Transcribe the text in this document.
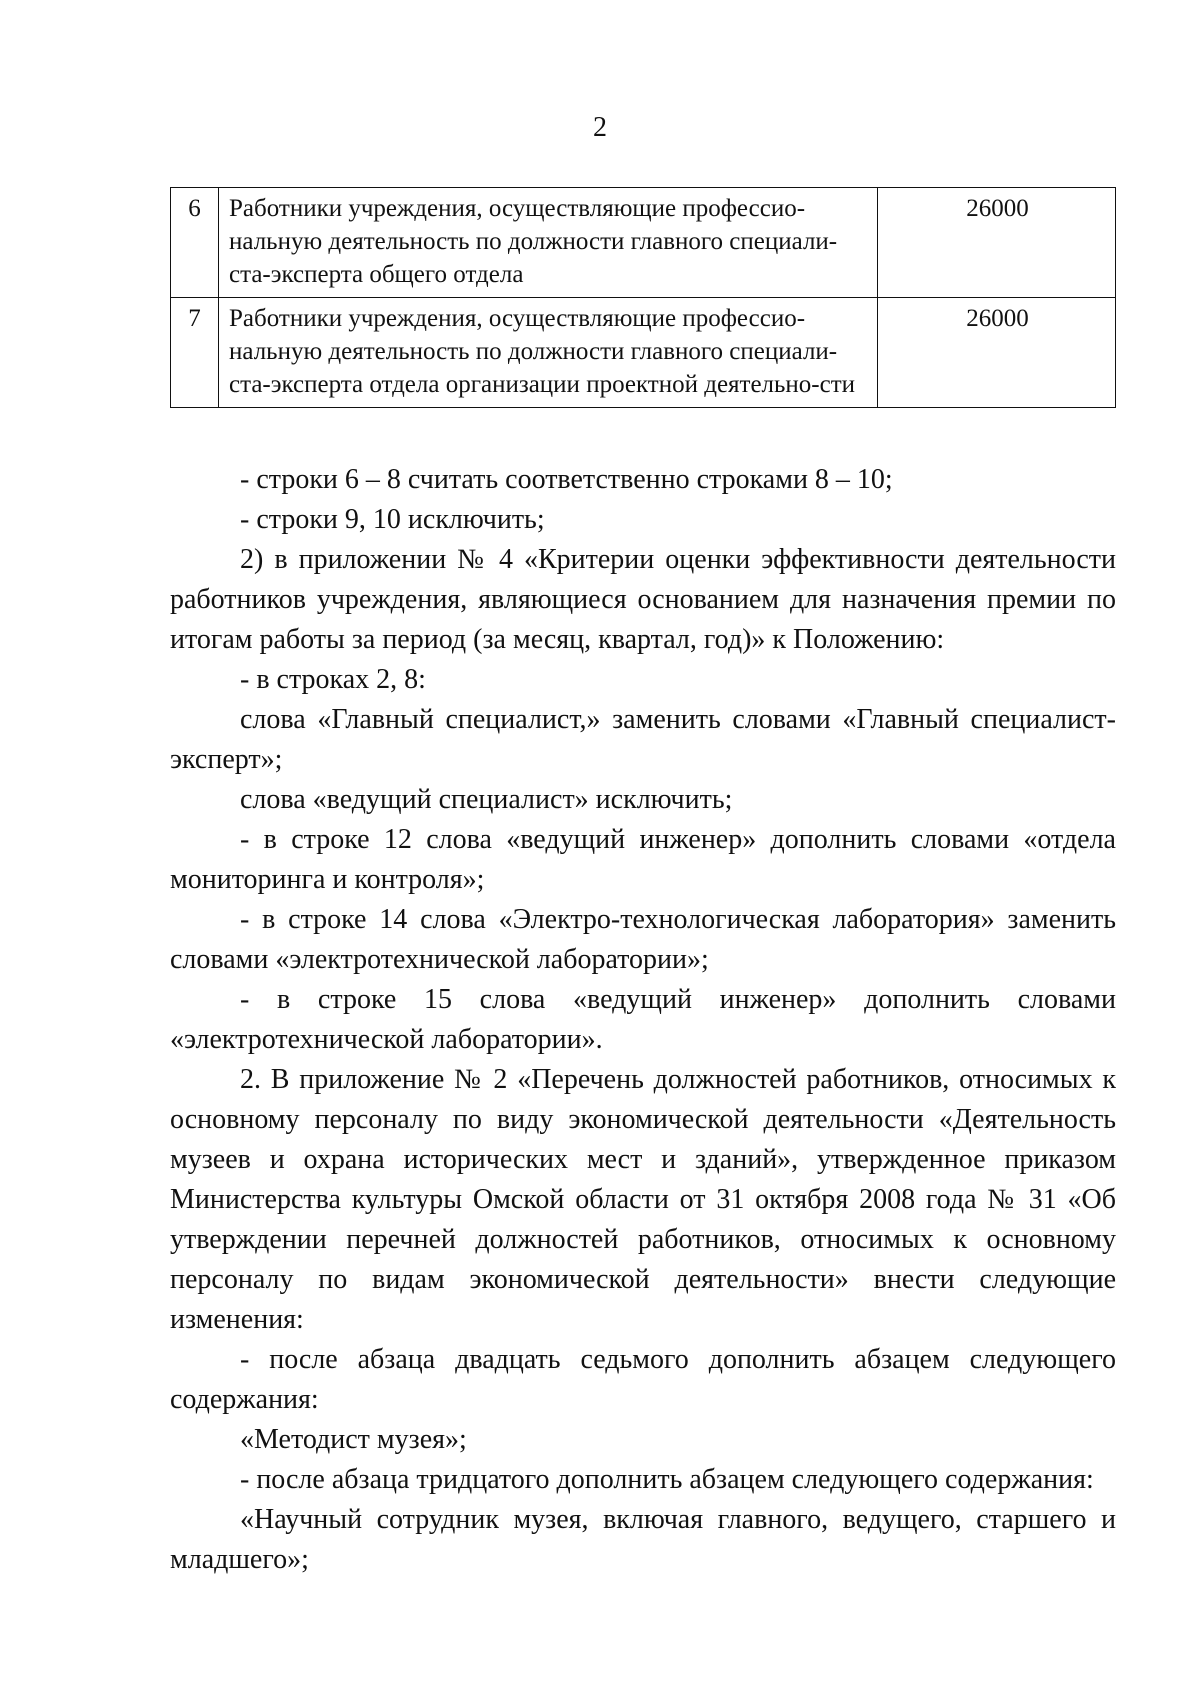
2
6	Работники учреждения, осуществляющие профессио-нальную деятельность по должности главного специали-ста-эксперта общего отдела	26000
7	Работники учреждения, осуществляющие профессио-нальную деятельность по должности главного специали-ста-эксперта отдела организации проектной деятельно-сти	26000

- строки 6 – 8 считать соответственно строками 8 – 10;

- строки 9, 10 исключить;

2) в приложении № 4 «Критерии оценки эффективности деятельности работников учреждения, являющиеся основанием для назначения премии по итогам работы за период (за месяц, квартал, год)» к Положению:

- в строках 2, 8:

слова «Главный специалист,» заменить словами «Главный специалист-эксперт»;

слова «ведущий специалист» исключить;

- в строке 12 слова «ведущий инженер» дополнить словами «отдела мониторинга и контроля»;

- в строке 14 слова «Электро-технологическая лаборатория» заменить словами «электротехнической лаборатории»;

- в строке 15 слова «ведущий инженер» дополнить словами «электротехнической лаборатории».

2. В приложение № 2 «Перечень должностей работников, относимых к основному персоналу по виду экономической деятельности «Деятельность музеев и охрана исторических мест и зданий», утвержденное приказом Министерства культуры Омской области от 31 октября 2008 года № 31 «Об утверждении перечней должностей работников, относимых к основному персоналу по видам экономической деятельности» внести следующие изменения:

- после абзаца двадцать седьмого дополнить абзацем следующего содержания:

«Методист музея»;

- после абзаца тридцатого дополнить абзацем следующего содержания:

«Научный сотрудник музея, включая главного, ведущего, старшего и младшего»;
